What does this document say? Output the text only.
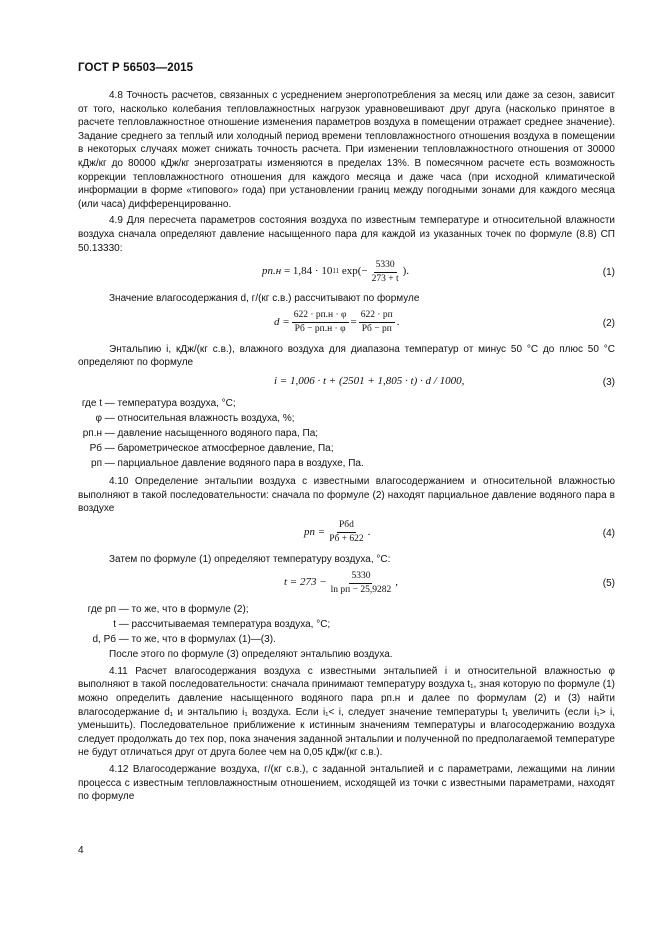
ГОСТ Р 56503—2015

4.8 Точность расчетов, связанных с усреднением энергопотребления за месяц или даже за сезон, зависит от того, насколько колебания тепловлажностных нагрузок уравновешивают друг друга (насколько принятое в расчете тепловлажностное отношение изменения параметров воздуха в помещении отражает среднее значение). Задание среднего за теплый или холодный период времени тепловлажностного отношения воздуха в помещении в некоторых случаях может снижать точность расчета. При изменении тепловлажностного отношения от 30000 кДж/кг до 80000 кДж/кг энергозатраты изменяются в пределах 13%. В помесячном расчете есть возможность коррекции тепловлажностного отношения для каждого месяца и даже часа (при исходной климатической информации в форме «типового» года) при установлении границ между погодными зонами для каждого месяца (или часа) дифференцированно.

4.9 Для пересчета параметров состояния воздуха по известным температуре и относительной влажности воздуха сначала определяют давление насыщенного пара для каждой из указанных точек по формуле (8.8) СП 50.13330:

pп.н
= 1,84 · 10 11
exp (− $\frac{5330}{273 + t}$ ).	(1)

Значение влагосодержания d, г/(кг с.в.) рассчитывают по формуле

$d = \frac{622 \cdot pп.н \cdot \varphi}{Pб - pп.н \cdot \varphi} = \frac{622 \cdot pп}{Pб - pп}$ .	(2)

Энтальпию i, кДж/(кг с.в.), влажного воздуха для диапазона температур от минус 50 °С до плюс 50 °С определяют по формуле

i = 1,006 · t + (2501 + 1,805 · t) · d / 1000,	(3)
где t — температура воздуха, °С;
φ — относительная влажность воздуха, %;
pп.н — давление насыщенного водяного пара, Па;
Pб — барометрическое атмосферное давление, Па;
pп — парциальное давление водяного пара в воздухе, Па.

4.10 Определение энтальпии воздуха с известными влагосодержанием и относительной влажностью выполняют в такой последовательности: сначала по формуле (2) находят парциальное давление водяного пара в воздухе

pп = $\frac{\text{Pбd}}{Pб + 622}$ .	(4)

Затем по формуле (1) определяют температуру воздуха, °С:

$t = 273 - \frac{5330}{\text{ln pп − 25,9282}}$ ,	(5)
где pп — то же, что в формуле (2);
t — рассчитываемая температура воздуха, °С;
d, Pб — то же, что в формулах (1)—(3).

После этого по формуле (3) определяют энтальпию воздуха.

4.11 Расчет влагосодержания воздуха с известными энтальпией i и относительной влажностью φ выполняют в такой последовательности: сначала принимают температуру воздуха t₁, зная которую по формуле (1) можно определить давление насыщенного водяного пара pп.н и далее по формулам (2) и (3) найти влагосодержание d₁ и энтальпию i₁ воздуха. Если i₁< i, следует значение температуры t₁ увеличить (если i₁> i, уменьшить). Последовательное приближение к истинным значениям температуры и влагосодержанию воздуха следует продолжать до тех пор, пока значения заданной энтальпии и полученной по предполагаемой температуре не будут отличаться друг от друга более чем на 0,05 кДж/(кг с.в.).

4.12 Влагосодержание воздуха, г/(кг с.в.), с заданной энтальпией и с параметрами, лежащими на линии процесса с известным тепловлажностным отношением, исходящей из точки с известными параметрами, находят по формуле

4
